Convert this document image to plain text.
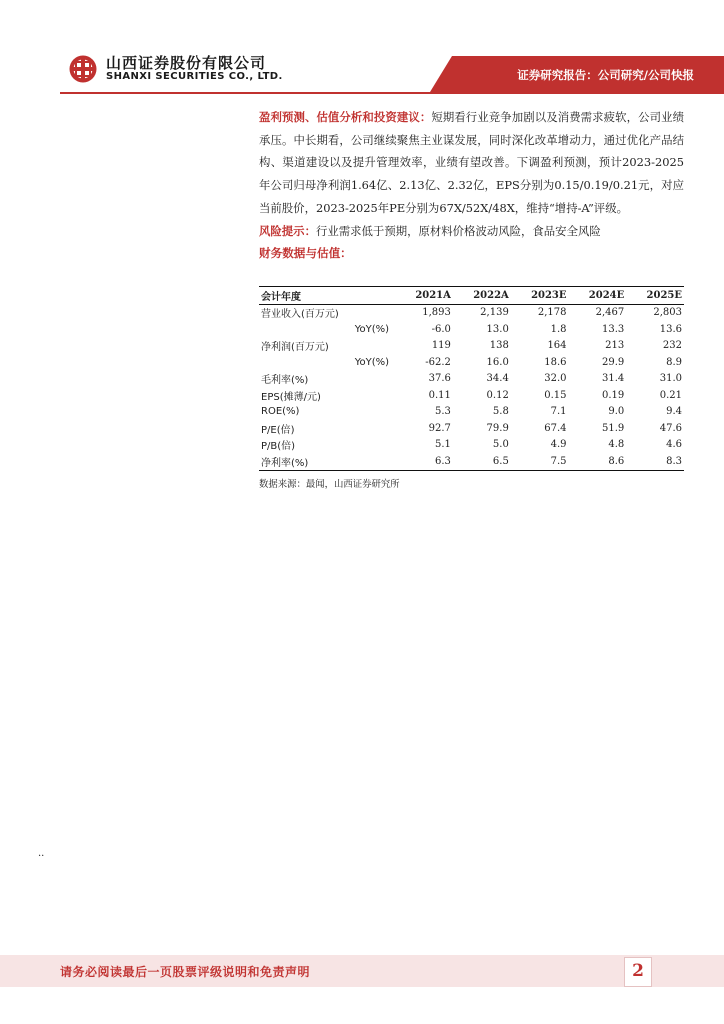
山西证券股份有限公司
SHANXI SECURITIES CO., LTD.	证券研究报告：公司研究/公司快报

盈利预测、估值分析和投资建议：短期看行业竞争加剧以及消费需求疲软，公司业绩承压。中长期看，公司继续聚焦主业谋发展，同时深化改革增动力，通过优化产品结构、渠道建设以及提升管理效率，业绩有望改善。下调盈利预测，预计2023-2025年公司归母净利润1.64亿、2.13亿、2.32亿，EPS分别为0.15/0.19/0.21元，对应当前股价，2023-2025年PE分别为67X/52X/48X，维持“增持-A”评级。

风险提示：行业需求低于预期，原材料价格波动风险，食品安全风险

财务数据与估值：

会计年度	2021A	2022A	2023E	2024E	2025E
营业收入(百万元)	1,893	2,139	2,178	2,467	2,803
YoY(%)	-6.0	13.0	1.8	13.3	13.6
净利润(百万元)	119	138	164	213	232
YoY(%)	-62.2	16.0	18.6	29.9	8.9
毛利率(%)	37.6	34.4	32.0	31.4	31.0
EPS(摊薄/元)	0.11	0.12	0.15	0.19	0.21
ROE(%)	5.3	5.8	7.1	9.0	9.4
P/E(倍)	92.7	79.9	67.4	51.9	47.6
P/B(倍)	5.1	5.0	4.9	4.8	4.6
净利率(%)	6.3	6.5	7.5	8.6	8.3
数据来源：最闻，山西证券研究所
..
请务必阅读最后一页股票评级说明和免责声明	2
